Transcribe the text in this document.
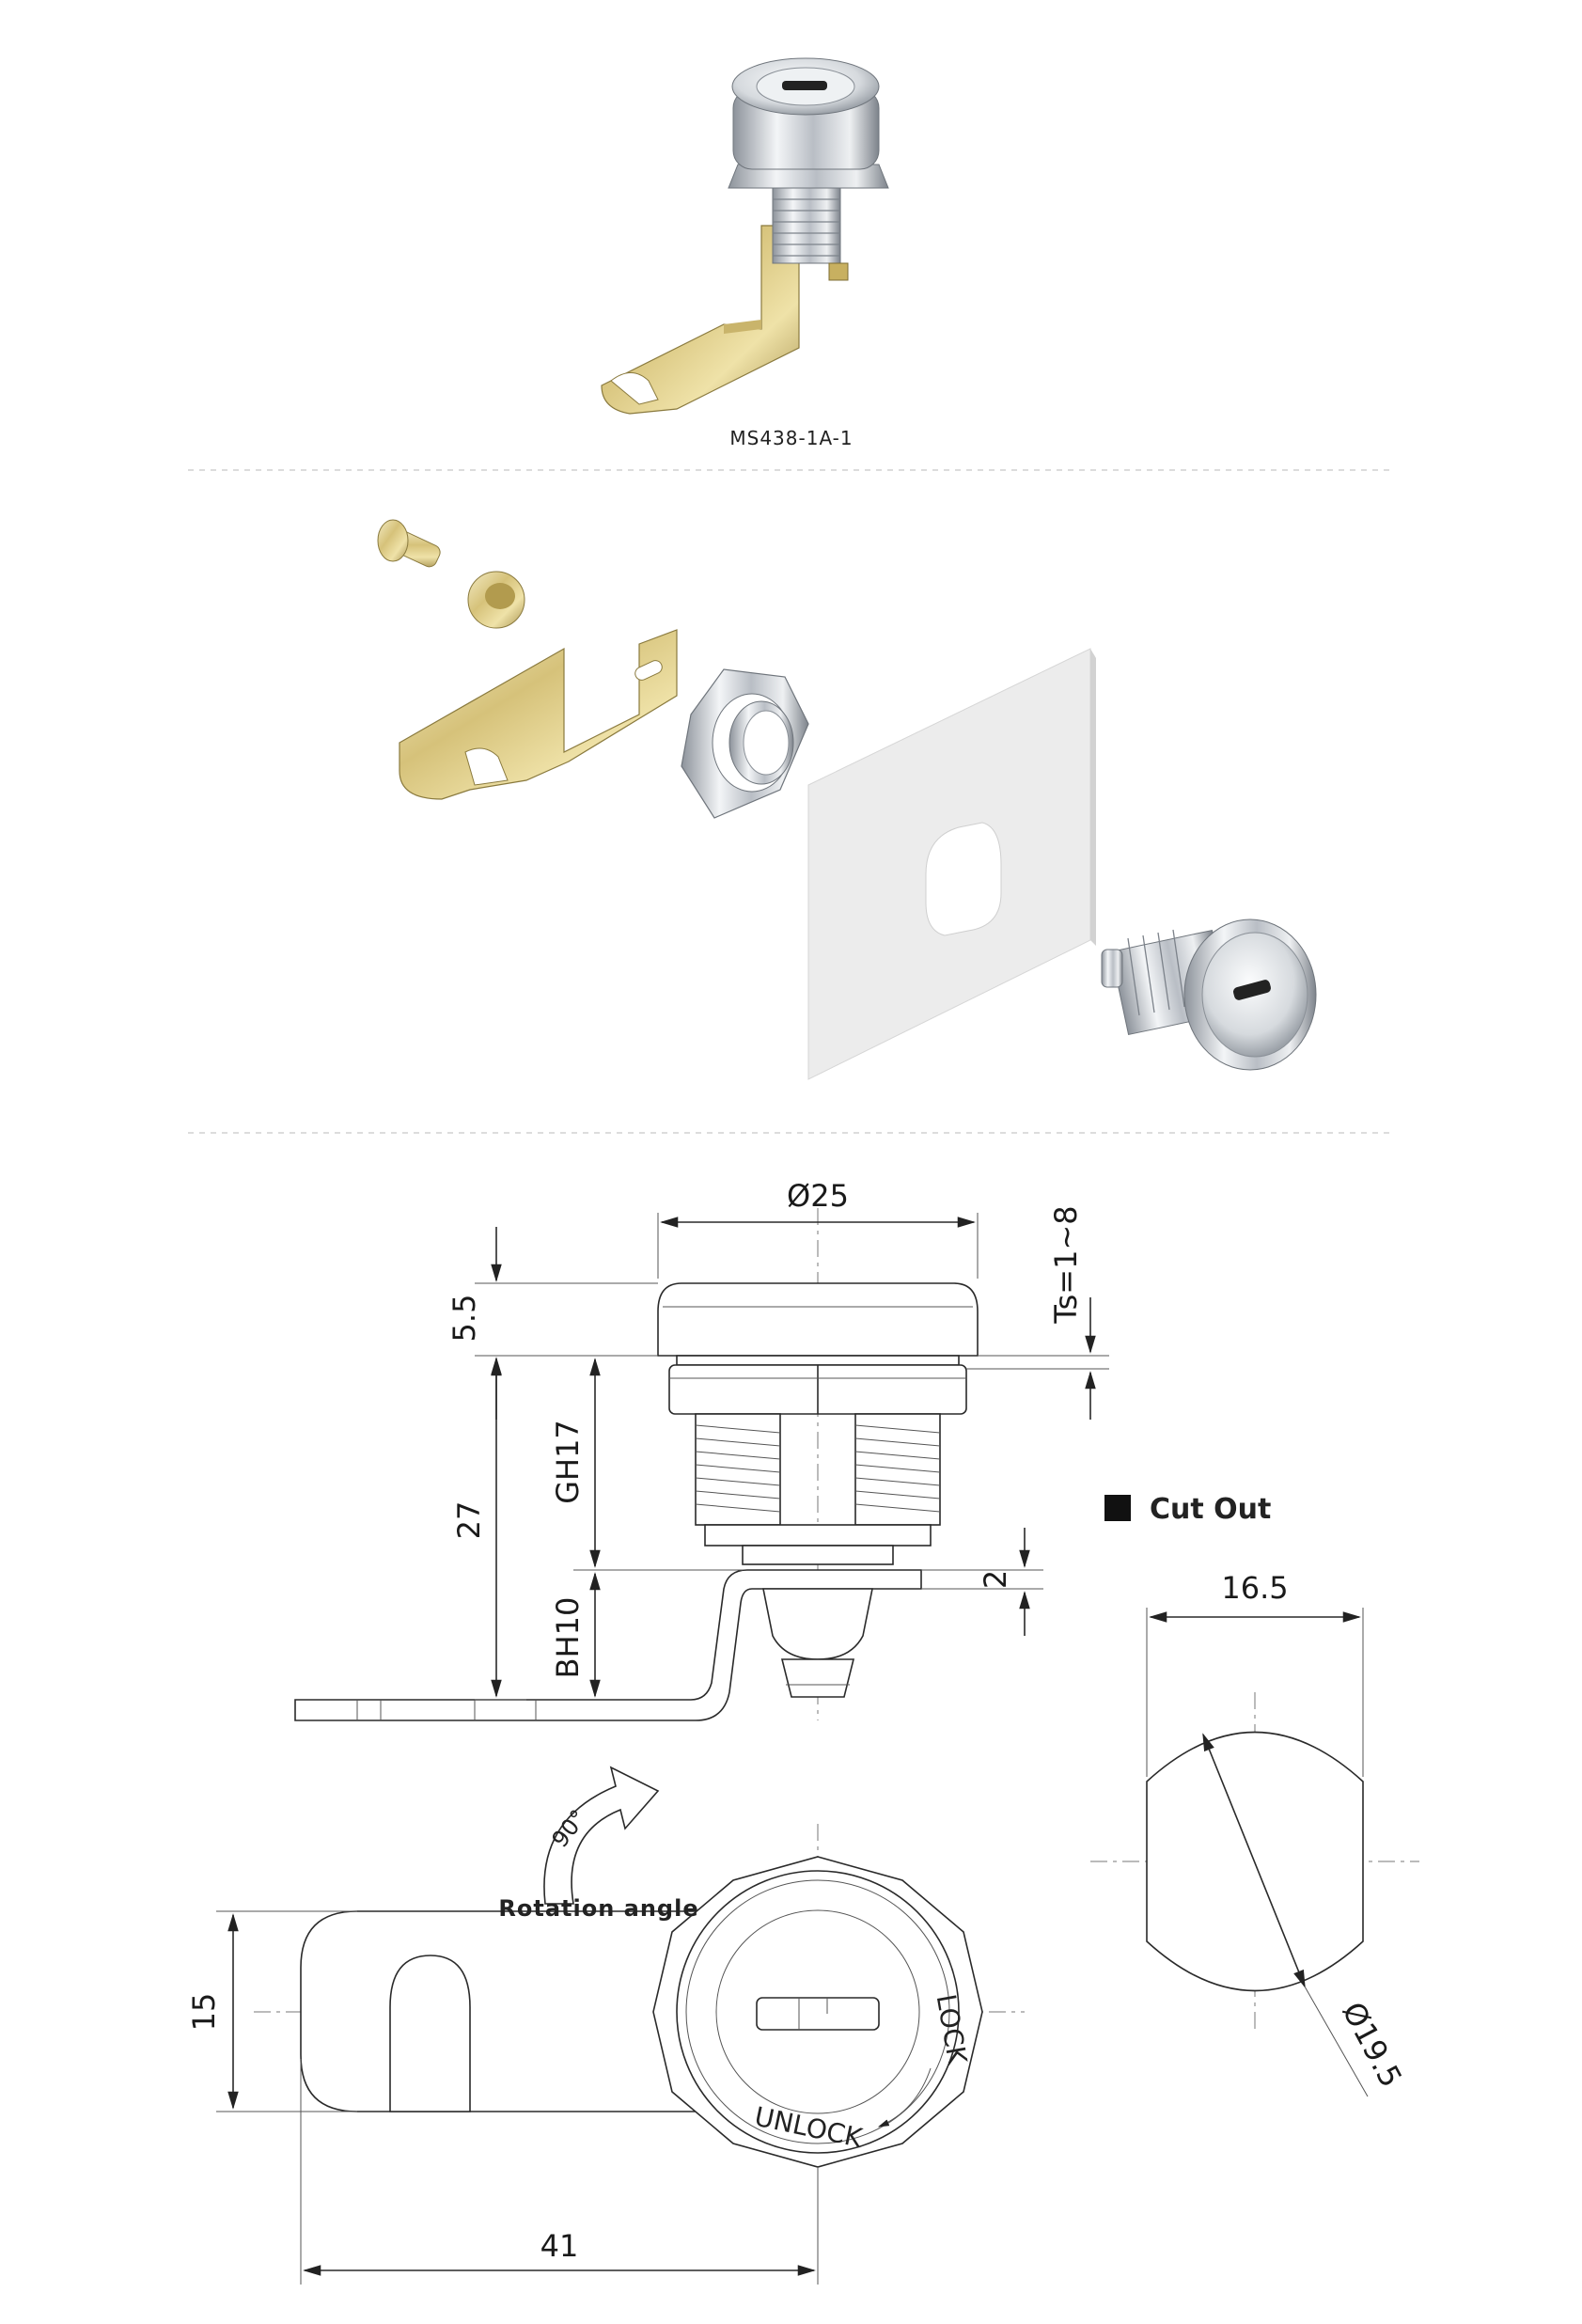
MS438-1A-1
Ø25
5.5
27
GH17
BH10
Ts=1~8
2
15
41
90°
Rotation angle
LOCK
UNLOCK
Cut Out
16.5
Ø19.5
